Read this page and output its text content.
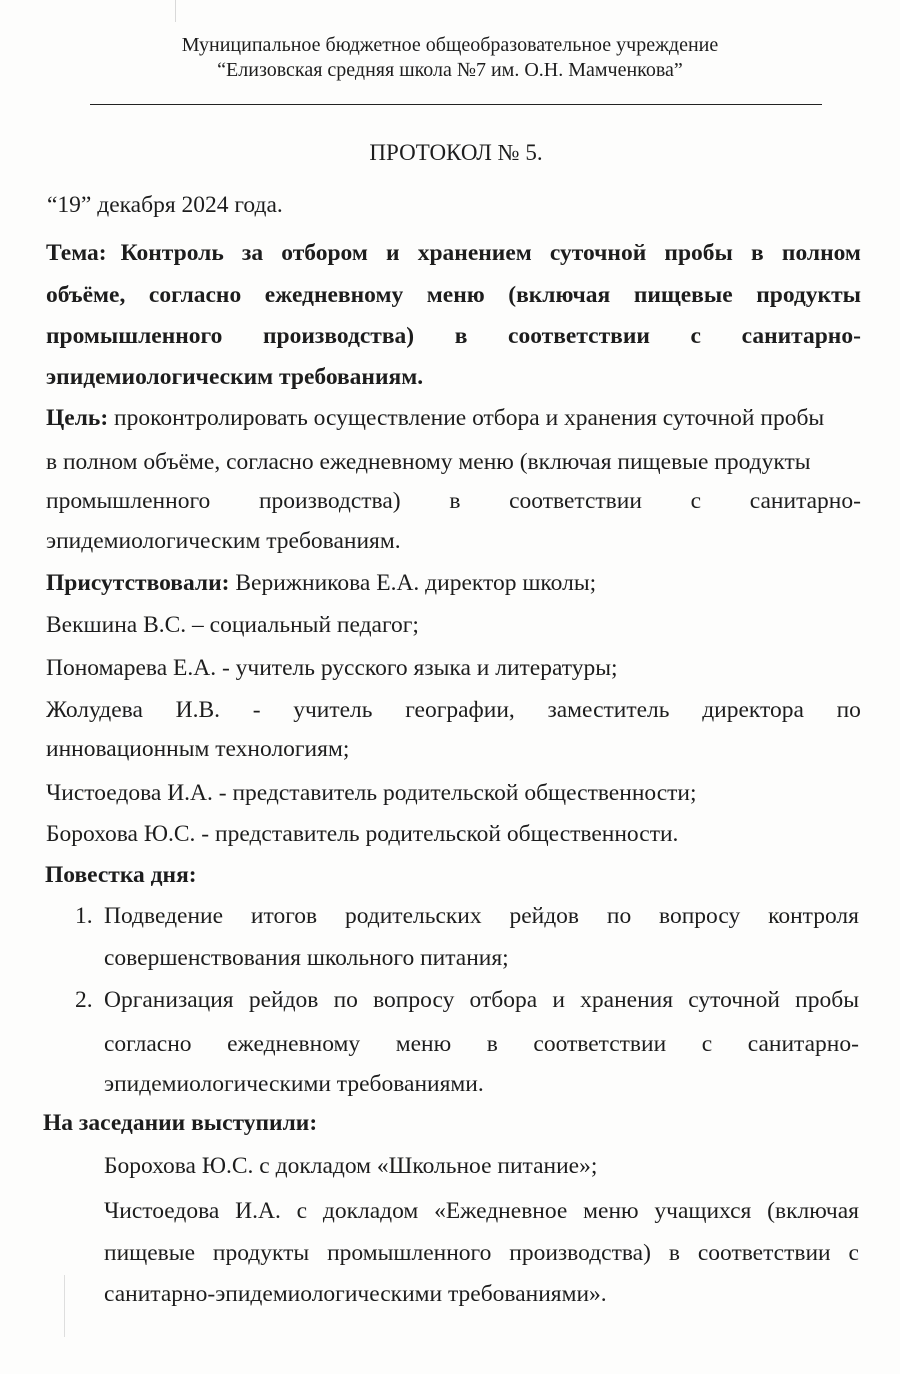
Муниципальное бюджетное общеобразовательное учреждение
“Елизовская средняя школа №7 им. О.Н. Мамченкова”
ПРОТОКОЛ № 5.
“19” декабря 2024 года.
Тема: Контроль за отбором и хранением суточной пробы в полном
объёме, согласно ежедневному меню (включая пищевые продукты
промышленного производства) в соответствии с санитарно-
эпидемиологическим требованиям.
Цель: проконтролировать осуществление отбора и хранения суточной пробы
в полном объёме, согласно ежедневному меню (включая пищевые продукты
промышленного производства) в соответствии с санитарно-
эпидемиологическим требованиям.
Присутствовали: Верижникова Е.А. директор школы;
Векшина В.С. – социальный педагог;
Пономарева Е.А. - учитель русского языка и литературы;
Жолудева И.В. - учитель географии, заместитель директора по
инновационным технологиям;
Чистоедова И.А. - представитель родительской общественности;
Борохова Ю.С. - представитель родительской общественности.
Повестка дня:
1. Подведение итогов родительских рейдов по вопросу контроля
совершенствования школьного питания;
2. Организация рейдов по вопросу отбора и хранения суточной пробы
согласно ежедневному меню в соответствии с санитарно-
эпидемиологическими требованиями.
На заседании выступили:
Борохова Ю.С. с докладом «Школьное питание»;
Чистоедова И.А. с докладом «Ежедневное меню учащихся (включая
пищевые продукты промышленного производства) в соответствии с
санитарно-эпидемиологическими требованиями».
